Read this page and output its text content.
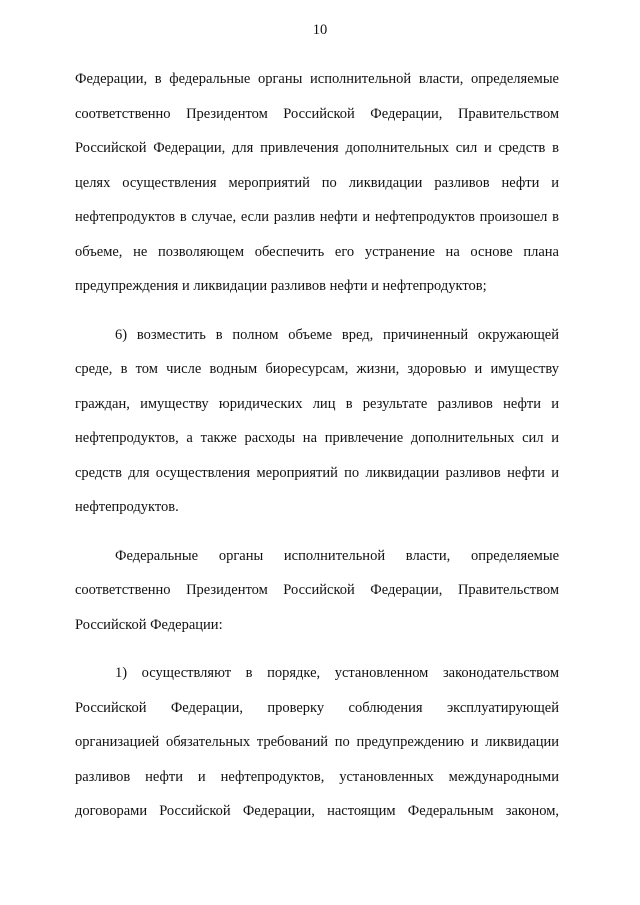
10
Федерации, в федеральные органы исполнительной власти, определяемые
соответственно Президентом Российской Федерации, Правительством
Российской Федерации, для привлечения дополнительных сил и средств в
целях осуществления мероприятий по ликвидации разливов нефти и
нефтепродуктов в случае, если разлив нефти и нефтепродуктов произошел в
объеме, не позволяющем обеспечить его устранение на основе плана
предупреждения и ликвидации разливов нефти и нефтепродуктов;
6) возместить в полном объеме вред, причиненный окружающей
среде, в том числе водным биоресурсам, жизни, здоровью и имуществу
граждан, имуществу юридических лиц в результате разливов нефти и
нефтепродуктов, а также расходы на привлечение дополнительных сил и
средств для осуществления мероприятий по ликвидации разливов нефти и
нефтепродуктов.
Федеральные органы исполнительной власти, определяемые
соответственно Президентом Российской Федерации, Правительством
Российской Федерации:
1) осуществляют в порядке, установленном законодательством
Российской Федерации, проверку соблюдения эксплуатирующей
организацией обязательных требований по предупреждению и ликвидации
разливов нефти и нефтепродуктов, установленных международными
договорами Российской Федерации, настоящим Федеральным законом,
